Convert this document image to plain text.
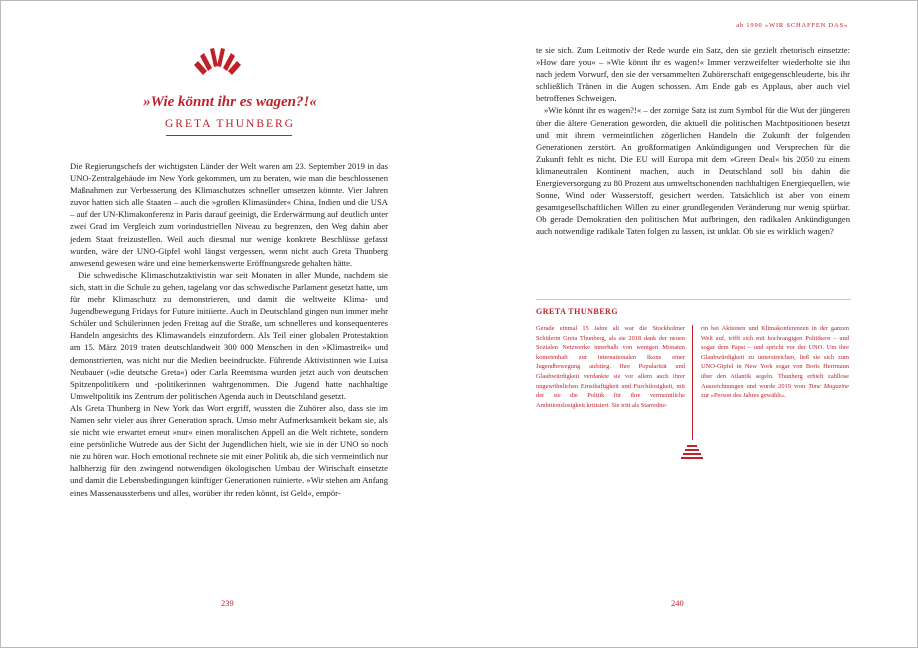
»Wie könnt ihr es wagen?!«
GRETA THUNBERG

Die Regierungschefs der wichtigsten Länder der Welt waren am 23. September 2019 in das UNO-Zentralgebäude im New York gekommen, um zu beraten, wie man die beschlossenen Maßnahmen zur Verbesserung des Klimaschutzes schneller umsetzen könnte. Vier Jahren zuvor hatten sich alle Staaten – auch die »großen Klimasünder« China, Indien und die USA – auf der UN-Klimakonferenz in Paris darauf geeinigt, die Erderwärmung auf deutlich unter zwei Grad im Vergleich zum vorindustriellen Niveau zu begrenzen, den Weg dahin aber jedem Staat freizustellen. Weil auch diesmal nur wenige konkrete Beschlüsse gefasst wurden, wäre der UNO-Gipfel wohl längst vergessen, wenn nicht auch Greta Thunberg anwesend gewesen wäre und eine bemerkenswerte Eröffnungsrede gehalten hätte.

Die schwedische Klimaschutzaktivistin war seit Monaten in aller Munde, nachdem sie sich, statt in die Schule zu gehen, tagelang vor das schwedische Parlament gesetzt hatte, um für mehr Klimaschutz zu demonstrieren, und damit die weltweite Klima- und Jugendbewegung Fridays for Future initiierte. Auch in Deutschland gingen nun immer mehr Schüler und Schülerinnen jeden Freitag auf die Straße, um schnelleres und konsequenteres Handeln angesichts des Klimawandels einzufordern. Als Teil einer globalen Protestaktion am 15. März 2019 traten deutschlandweit 300 000 Menschen in den »Klimastreik« und demonstrierten, was nicht nur die Medien beeindruckte. Führende Aktivistinnen wie Luisa Neubauer (»die deutsche Greta«) oder Carla Reemtsma wurden jetzt auch von deutschen Spitzenpolitikern und -politikerinnen wahrgenommen. Die Jugend hatte nachhaltige Umweltpolitik ins Zentrum der politischen Agenda auch in Deutschland gesetzt.

Als Greta Thunberg in New York das Wort ergriff, wussten die Zuhörer also, dass sie im Namen sehr vieler aus ihrer Generation sprach. Umso mehr Aufmerksamkeit bekam sie, als sie nicht wie erwartet erneut »nur« einen moralischen Appell an die Welt richtete, sondern eine persönliche Wutrede aus der Sicht der Jugendlichen hielt, wie sie in der UNO so noch nie zu hören war. Hoch emotional rechnete sie mit einer Politik ab, die sich vermeintlich nur halbherzig für den zwingend notwendigen ökologischen Umbau der Wirtschaft einsetzte und damit die Lebensbedingungen künftiger Generationen ruinierte. »Wir stehen am Anfang eines Massenaussterbens und alles, worüber ihr reden könnt, ist Geld«, empör-

239
ab 1990 »WIR SCHAFFEN DAS«

te sie sich. Zum Leitmotiv der Rede wurde ein Satz, den sie gezielt rhetorisch einsetzte: »How dare you« – »Wie könnt ihr es wagen!« Immer verzweifelter wiederholte sie ihn nach jedem Vorwurf, den sie der versammelten Zuhörerschaft entgegenschleuderte, bis ihr schließlich Tränen in die Augen schossen. Am Ende gab es Applaus, aber auch viel betroffenes Schweigen.

»Wie könnt ihr es wagen?!« – der zornige Satz ist zum Symbol für die Wut der jüngeren über die ältere Generation geworden, die aktuell die politischen Machtpositionen besetzt und mit ihrem vermeintlichen zögerlichen Handeln die Zukunft der folgenden Generationen zerstört. An großformatigen Ankündigungen und Versprechen für die Zukunft fehlt es nicht. Die EU will Europa mit dem »Green Deal« bis 2050 zu einem klimaneutralen Kontinent machen, auch in Deutschland soll bis dahin die Energieversorgung zu 80 Prozent aus umweltschonenden nachhaltigen Energiequellen, wie Sonne, Wind oder Wasserstoff, gesichert werden. Tatsächlich ist aber von einem gesamtgesellschaftlichen Willen zu einer grundlegenden Veränderung nur wenig spürbar. Ob gerade Demokratien den politischen Mut aufbringen, den radikalen Ankündigungen auch notwendige radikale Taten folgen zu lassen, ist unklar. Ob sie es wirklich wagen?

GRETA THUNBERG

Gerade einmal 15 Jahre alt war die Stockholmer Schülerin Greta Thunberg, als sie 2018 dank der neuen Sozialen Netzwerke innerhalb von wenigen Monaten kometenhaft zur internationalen Ikone einer Jugendbewegung aufstieg. Ihre Popularität und Glaubwürdigkeit verdankte sie vor allem auch ihrer ungewöhnlichen Ernsthaftigkeit und Furchtlosigkeit, mit der sie die Politik für ihre vermeintliche Ambitionslosigkeit kritisiert. Sie tritt als Starredne-

rin bei Aktionen und Klimakonferenzen in der ganzen Welt auf, trifft sich mit hochrangigen Politikern – und sogar dem Papst – und spricht vor der UNO. Um ihre Glaubwürdigkeit zu unterstreichen, ließ sie sich zum UNO-Gipfel in New York sogar von Boris Herrmann über den Atlantik segeln. Thunberg erhielt zahllose Auszeichnungen und wurde 2019 vom Time Magazine zur »Person des Jahres gewählt«.

240
